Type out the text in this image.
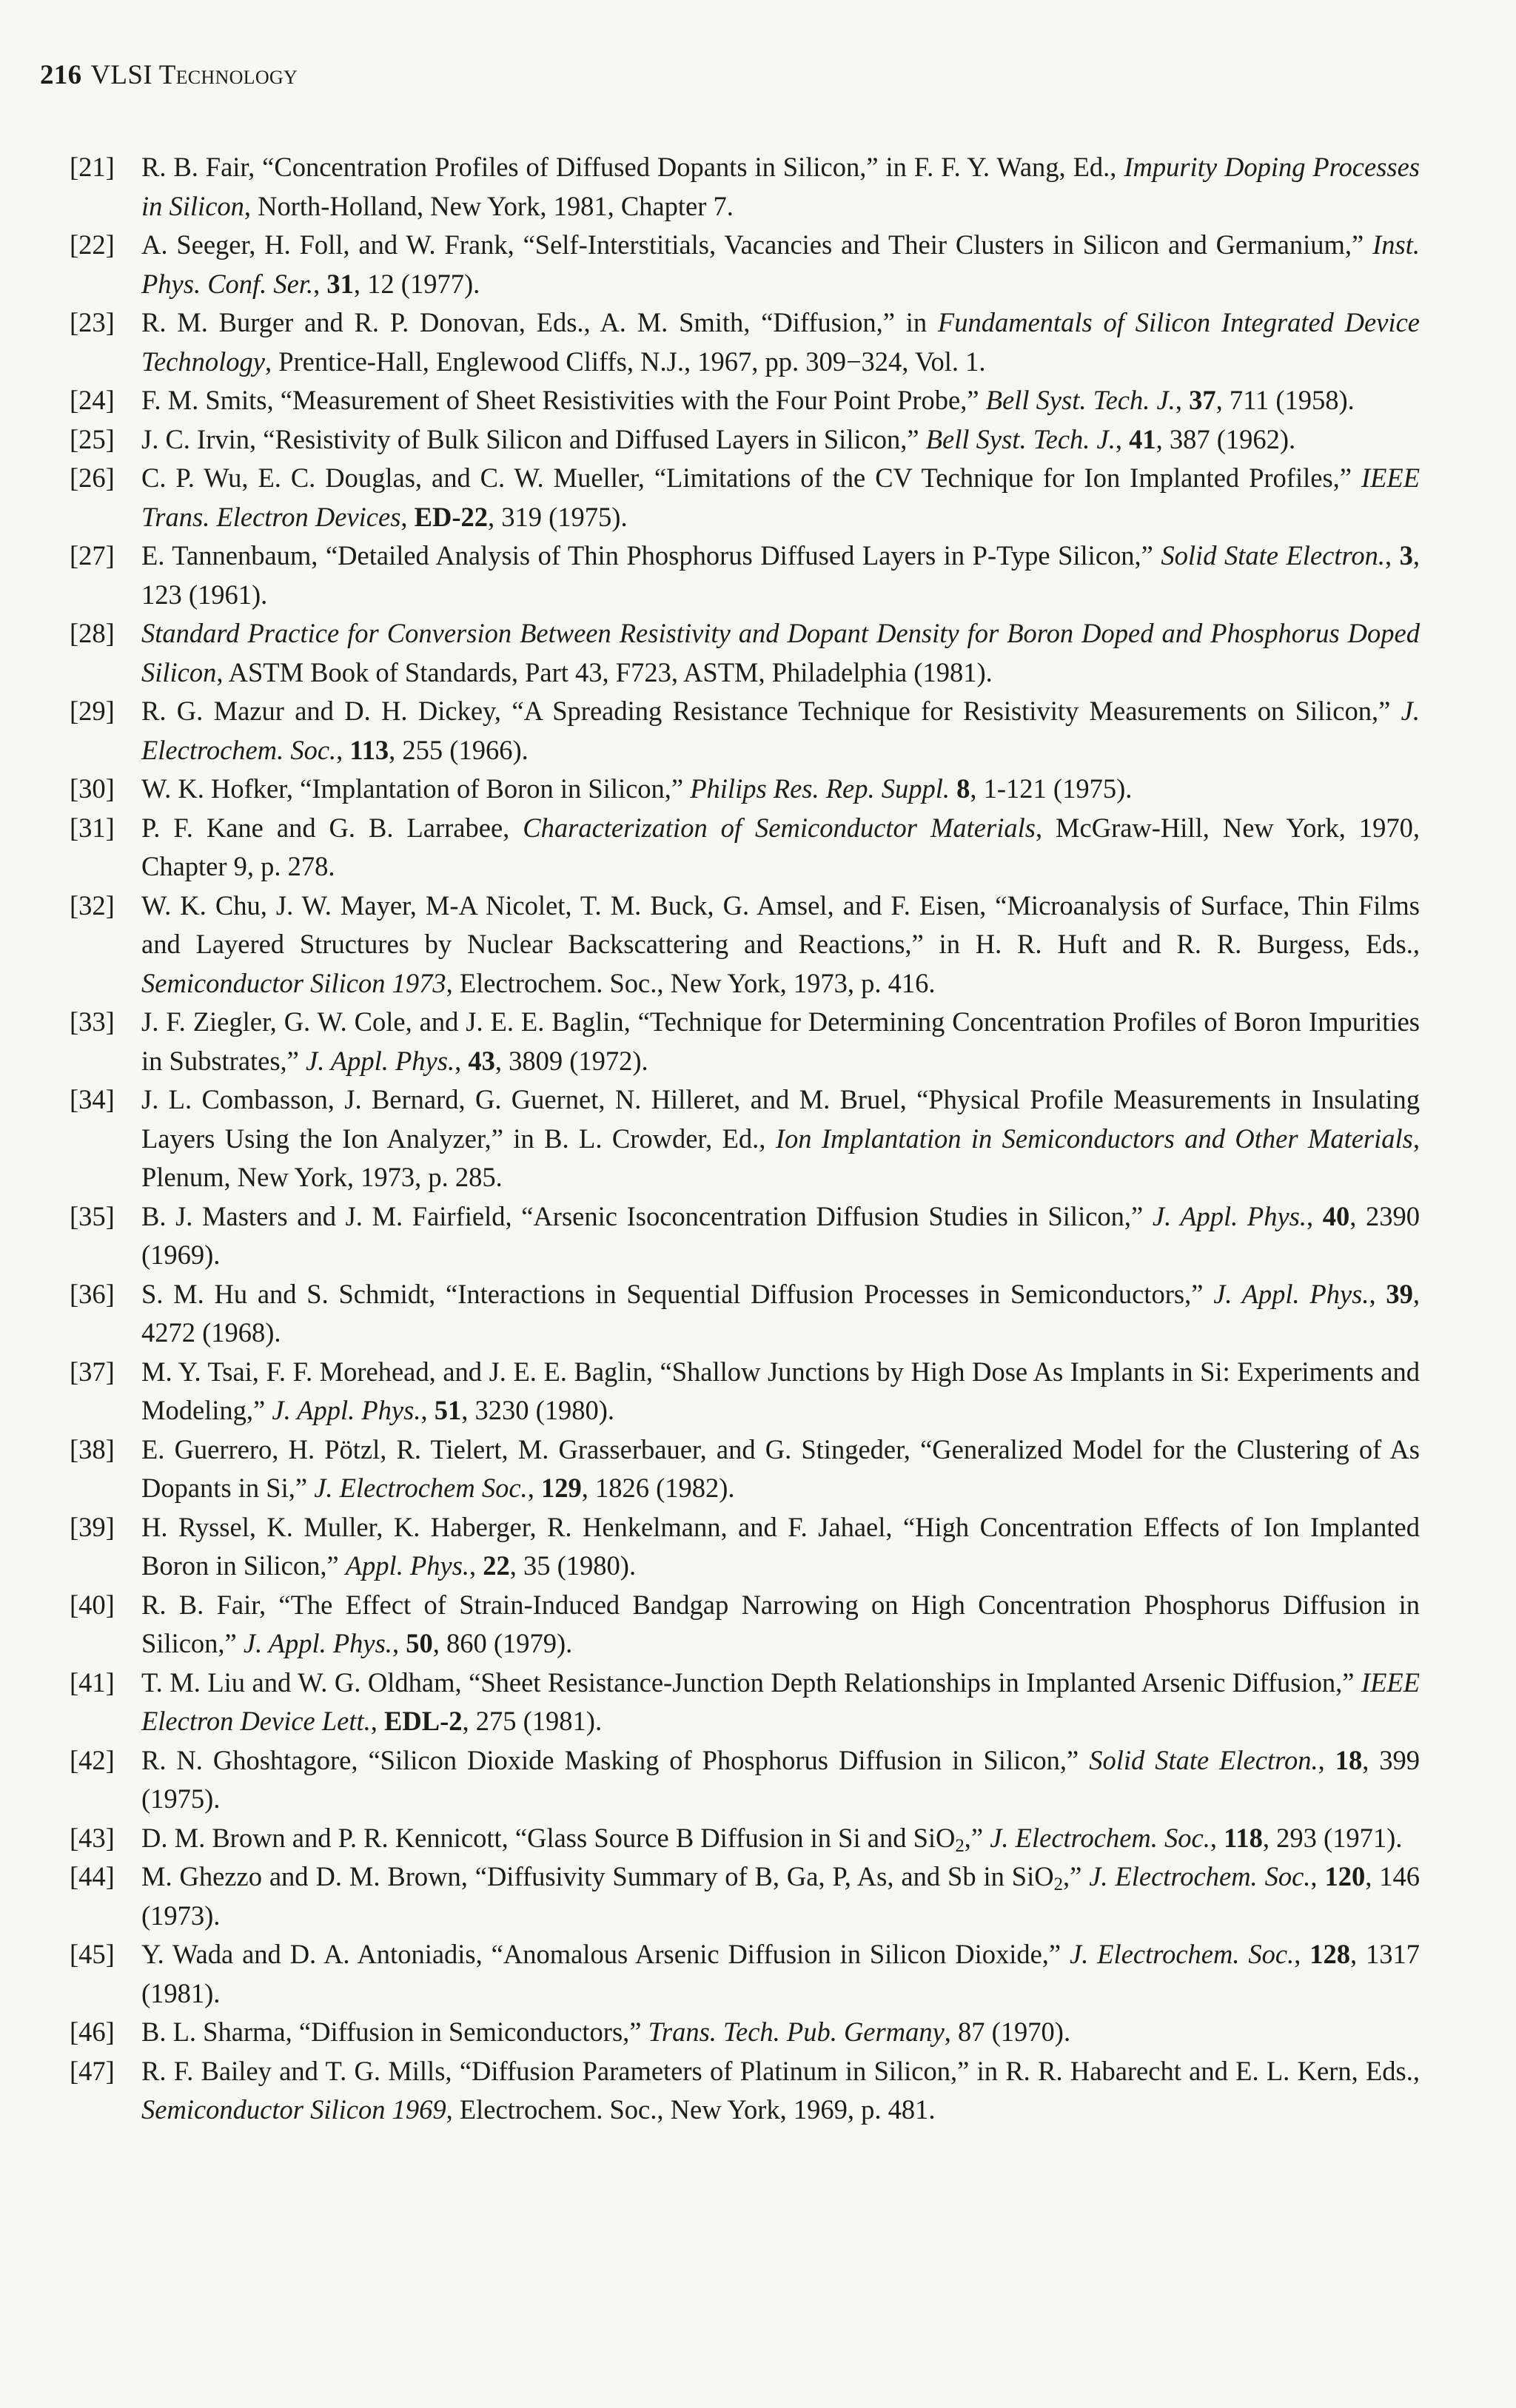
216 VLSI Technology
[21] R. B. Fair, “Concentration Profiles of Diffused Dopants in Silicon,” in F. F. Y. Wang, Ed., Impurity Doping Processes in Silicon, North-Holland, New York, 1981, Chapter 7.
[22] A. Seeger, H. Foll, and W. Frank, “Self-Interstitials, Vacancies and Their Clusters in Silicon and Germanium,” Inst. Phys. Conf. Ser., 31, 12 (1977).
[23] R. M. Burger and R. P. Donovan, Eds., A. M. Smith, “Diffusion,” in Fundamentals of Silicon Integrated Device Technology, Prentice-Hall, Englewood Cliffs, N.J., 1967, pp. 309−324, Vol. 1.
[24] F. M. Smits, “Measurement of Sheet Resistivities with the Four Point Probe,” Bell Syst. Tech. J., 37, 711 (1958).
[25] J. C. Irvin, “Resistivity of Bulk Silicon and Diffused Layers in Silicon,” Bell Syst. Tech. J., 41, 387 (1962).
[26] C. P. Wu, E. C. Douglas, and C. W. Mueller, “Limitations of the CV Technique for Ion Implanted Profiles,” IEEE Trans. Electron Devices, ED-22, 319 (1975).
[27] E. Tannenbaum, “Detailed Analysis of Thin Phosphorus Diffused Layers in P-Type Silicon,” Solid State Electron., 3, 123 (1961).
[28] Standard Practice for Conversion Between Resistivity and Dopant Density for Boron Doped and Phosphorus Doped Silicon, ASTM Book of Standards, Part 43, F723, ASTM, Philadelphia (1981).
[29] R. G. Mazur and D. H. Dickey, “A Spreading Resistance Technique for Resistivity Measurements on Silicon,” J. Electrochem. Soc., 113, 255 (1966).
[30] W. K. Hofker, “Implantation of Boron in Silicon,” Philips Res. Rep. Suppl. 8, 1-121 (1975).
[31] P. F. Kane and G. B. Larrabee, Characterization of Semiconductor Materials, McGraw-Hill, New York, 1970, Chapter 9, p. 278.
[32] W. K. Chu, J. W. Mayer, M-A Nicolet, T. M. Buck, G. Amsel, and F. Eisen, “Microanalysis of Surface, Thin Films and Layered Structures by Nuclear Backscattering and Reactions,” in H. R. Huft and R. R. Burgess, Eds., Semiconductor Silicon 1973, Electrochem. Soc., New York, 1973, p. 416.
[33] J. F. Ziegler, G. W. Cole, and J. E. E. Baglin, “Technique for Determining Concentration Profiles of Boron Impurities in Substrates,” J. Appl. Phys., 43, 3809 (1972).
[34] J. L. Combasson, J. Bernard, G. Guernet, N. Hilleret, and M. Bruel, “Physical Profile Measurements in Insulating Layers Using the Ion Analyzer,” in B. L. Crowder, Ed., Ion Implantation in Semiconductors and Other Materials, Plenum, New York, 1973, p. 285.
[35] B. J. Masters and J. M. Fairfield, “Arsenic Isoconcentration Diffusion Studies in Silicon,” J. Appl. Phys., 40, 2390 (1969).
[36] S. M. Hu and S. Schmidt, “Interactions in Sequential Diffusion Processes in Semiconductors,” J. Appl. Phys., 39, 4272 (1968).
[37] M. Y. Tsai, F. F. Morehead, and J. E. E. Baglin, “Shallow Junctions by High Dose As Implants in Si: Experiments and Modeling,” J. Appl. Phys., 51, 3230 (1980).
[38] E. Guerrero, H. Pötzl, R. Tielert, M. Grasserbauer, and G. Stingeder, “Generalized Model for the Clustering of As Dopants in Si,” J. Electrochem Soc., 129, 1826 (1982).
[39] H. Ryssel, K. Muller, K. Haberger, R. Henkelmann, and F. Jahael, “High Concentration Effects of Ion Implanted Boron in Silicon,” Appl. Phys., 22, 35 (1980).
[40] R. B. Fair, “The Effect of Strain-Induced Bandgap Narrowing on High Concentration Phosphorus Diffusion in Silicon,” J. Appl. Phys., 50, 860 (1979).
[41] T. M. Liu and W. G. Oldham, “Sheet Resistance-Junction Depth Relationships in Implanted Arsenic Diffusion,” IEEE Electron Device Lett., EDL-2, 275 (1981).
[42] R. N. Ghoshtagore, “Silicon Dioxide Masking of Phosphorus Diffusion in Silicon,” Solid State Electron., 18, 399 (1975).
[43] D. M. Brown and P. R. Kennicott, “Glass Source B Diffusion in Si and SiO$_2$,” J. Electrochem. Soc., 118, 293 (1971).
[44] M. Ghezzo and D. M. Brown, “Diffusivity Summary of B, Ga, P, As, and Sb in SiO$_2$,” J. Electrochem. Soc., 120, 146 (1973).
[45] Y. Wada and D. A. Antoniadis, “Anomalous Arsenic Diffusion in Silicon Dioxide,” J. Electrochem. Soc., 128, 1317 (1981).
[46] B. L. Sharma, “Diffusion in Semiconductors,” Trans. Tech. Pub. Germany, 87 (1970).
[47] R. F. Bailey and T. G. Mills, “Diffusion Parameters of Platinum in Silicon,” in R. R. Habarecht and E. L. Kern, Eds., Semiconductor Silicon 1969, Electrochem. Soc., New York, 1969, p. 481.
